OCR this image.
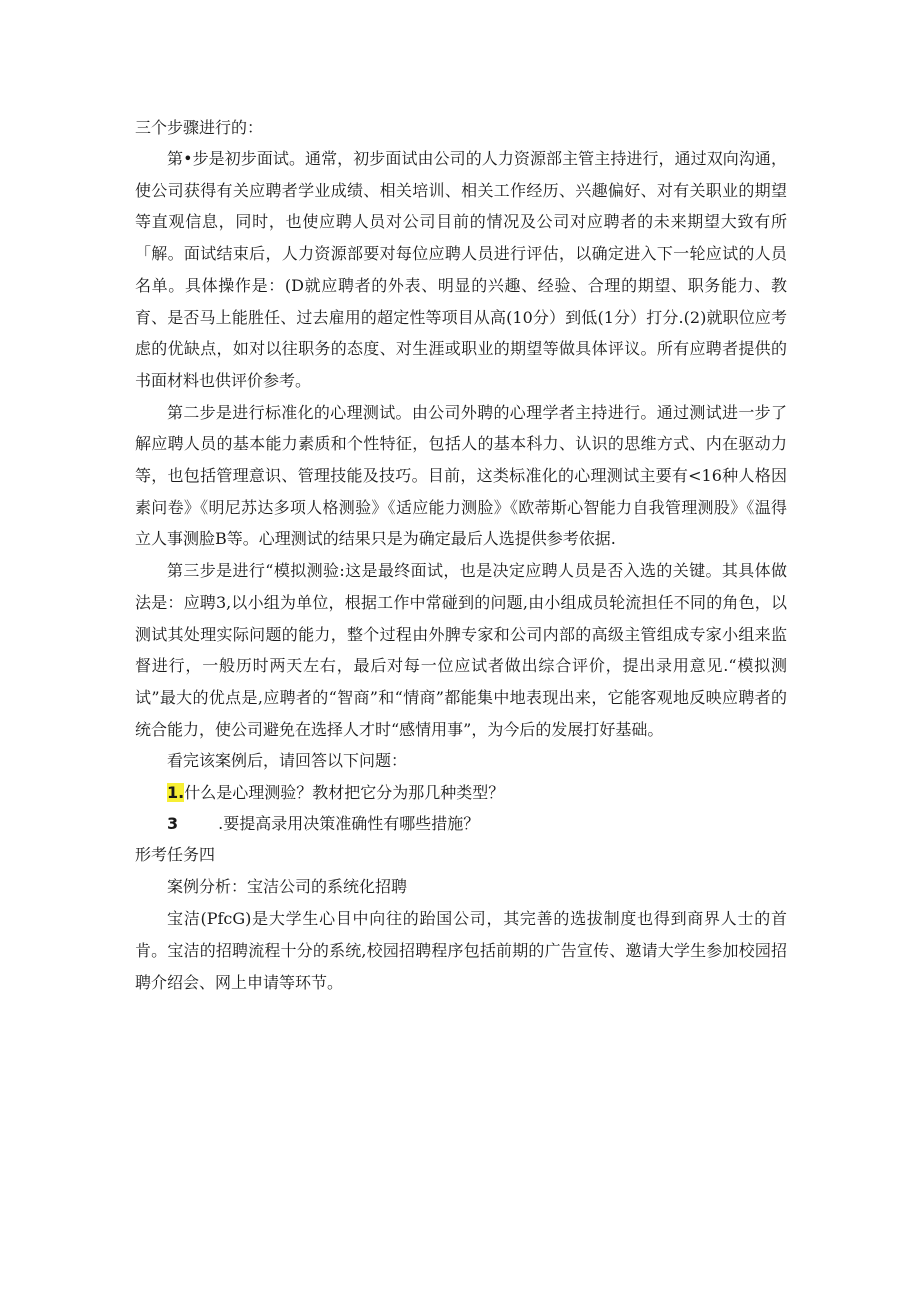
三个步骤进行的：

第•步是初步面试。通常，初步面试由公司的人力资源部主管主持进行，通过双向沟通，使公司获得有关应聘者学业成绩、相关培训、相关工作经历、兴趣偏好、对有关职业的期望等直观信息，同时，也使应聘人员对公司目前的情况及公司对应聘者的未来期望大致有所「解。面试结束后，人力资源部要对每位应聘人员进行评估，以确定进入下一轮应试的人员名单。具体操作是：(D就应聘者的外表、明显的兴趣、经验、合理的期望、职务能力、教育、是否马上能胜任、过去雇用的超定性等项目从高(10分）到低(1分）打分.(2)就职位应考虑的优缺点，如对以往职务的态度、对生涯或职业的期望等做具体评议。所有应聘者提供的书面材料也供评价参考。

第二步是进行标准化的心理测试。由公司外聘的心理学者主持进行。通过测试进一步了解应聘人员的基本能力素质和个性特征，包括人的基本科力、认识的思维方式、内在驱动力等，也包括管理意识、管理技能及技巧。目前，这类标准化的心理测试主要有<16种人格因素问卷》《明尼苏达多项人格测验》《适应能力测脸》《欧蒂斯心智能力自我管理测股》《温得立人事测脸B等。心理测试的结果只是为确定最后人选提供参考依据.

第三步是进行“模拟测验:这是最终面试，也是决定应聘人员是否入选的关键。其具体做法是：应聘3,以小组为单位，根据工作中常碰到的问题,由小组成员轮流担任不同的角色，以测试其处理实际问题的能力，整个过程由外脾专家和公司内部的高级主管组成专家小组来监督进行，一般历时两天左右，最后对每一位应试者做出综合评价，提出录用意见.“模拟测试”最大的优点是,应聘者的“智商”和“情商”都能集中地表现出来，它能客观地反映应聘者的统合能力，使公司避免在选择人才时“感情用事”，为今后的发展打好基础。

看完该案例后，请回答以下问题：

1.什么是心理测验？教材把它分为那几种类型？

3	.要提高录用决策准确性有哪些措施？

形考任务四

案例分析：宝洁公司的系统化招聘

宝洁(PfcG)是大学生心目中向往的跆国公司，其完善的选拔制度也得到商界人士的首肯。宝洁的招聘流程十分的系统,校园招聘程序包括前期的广告宣传、邀请大学生参加校园招聘介绍会、网上申请等环节。
